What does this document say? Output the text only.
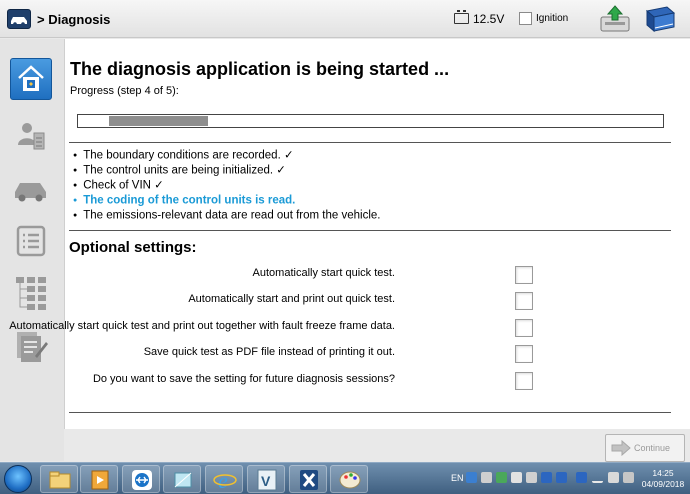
> Diagnosis	12.5V	Ignition
The diagnosis application is being started ...
Progress (step 4 of 5):
● The boundary conditions are recorded. ✓
● The control units are being initialized. ✓
● Check of VIN ✓
● The coding of the control units is read.
● The emissions-relevant data are read out from the vehicle.
Optional settings:
Automatically start quick test.
Automatically start and print out quick test.
Automatically start quick test and print out together with fault freeze frame data.
Save quick test as PDF file instead of printing it out.
Do you want to save the setting for future diagnosis sessions?
Continue
e V	EN	14:25
04/09/2018
